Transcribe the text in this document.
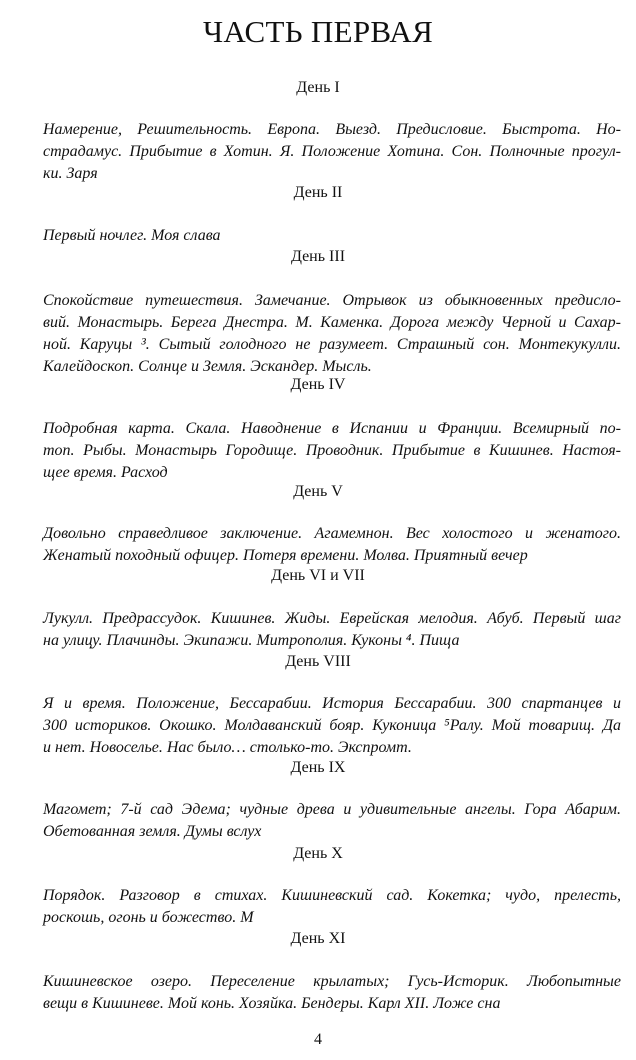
ЧАСТЬ ПЕРВАЯ
День I
Намерение, Решительность. Европа. Выезд. Предисловие. Быстрота. Но-
страдамус. Прибытие в Хотин. Я. Положение Хотина. Сон. Полночные прогул-
ки. Заря
День II
Первый ночлег. Моя слава
День III
Спокойствие путешествия. Замечание. Отрывок из обыкновенных предисло-
вий. Монастырь. Берега Днестра. М. Каменка. Дорога между Черной и Сахар-
ной. Каруцы ³. Сытый голодного не разумеет. Страшный сон. Монтекукулли.
Калейдоскоп. Солнце и Земля. Эскандер. Мысль.
День IV
Подробная карта. Скала. Наводнение в Испании и Франции. Всемирный по-
топ. Рыбы. Монастырь Городище. Проводник. Прибытие в Кишинев. Настоя-
щее время. Расход
День V
Довольно справедливое заключение. Агамемнон. Вес холостого и женатого.
Женатый походный офицер. Потеря времени. Молва. Приятный вечер
День VI и VII
Лукулл. Предрассудок. Кишинев. Жиды. Еврейская мелодия. Абуб. Первый шаг
на улицу. Плачинды. Экипажи. Митрополия. Куконы ⁴. Пища
День VIII
Я и время. Положение, Бессарабии. История Бессарабии. 300 спартанцев и
300 историков. Окошко. Молдаванский бояр. Куконица ⁵Ралу. Мой товарищ. Да
и нет. Новоселье. Нас было… столько-то. Экспромт.
День IX
Магомет; 7-й сад Эдема; чудные древа и удивительные ангелы. Гора Абарим.
Обетованная земля. Думы вслух
День X
Порядок. Разговор в стихах. Кишиневский сад. Кокетка; чудо, прелесть,
роскошь, огонь и божество. М
День XI
Кишиневское озеро. Переселение крылатых; Гусь-Историк. Любопытные
вещи в Кишиневе. Мой конь. Хозяйка. Бендеры. Карл XII. Ложе сна
4
